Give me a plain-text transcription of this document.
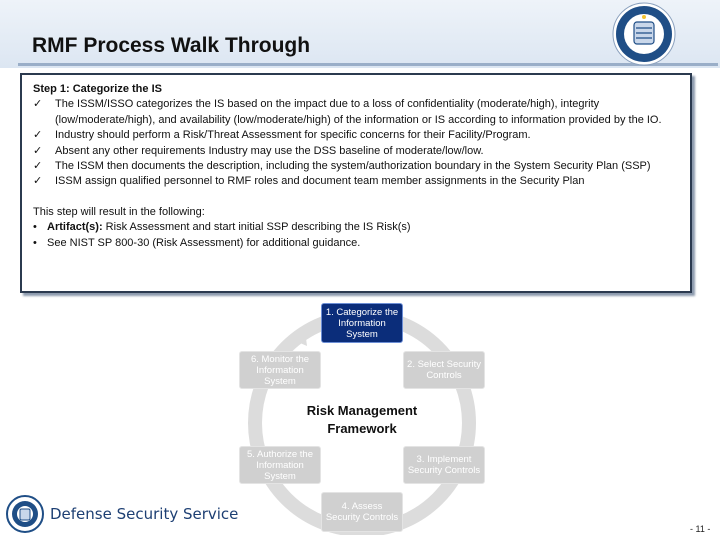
RMF Process Walk Through
Step 1: Categorize the IS
✓ The ISSM/ISSO categorizes the IS based on the impact due to a loss of confidentiality (moderate/high), integrity (low/moderate/high), and availability (low/moderate/high) of the information or IS according to information provided by the IO.
✓ Industry should perform a Risk/Threat Assessment for specific concerns for their Facility/Program.
✓ Absent any other requirements Industry may use the DSS baseline of moderate/low/low.
✓ The ISSM then documents the description, including the system/authorization boundary in the System Security Plan (SSP)
✓ ISSM assign qualified personnel to RMF roles and document team member assignments in the Security Plan
This step will result in the following:
• Artifact(s): Risk Assessment and start initial SSP describing the IS Risk(s)
• See NIST SP 800-30 (Risk Assessment) for additional guidance.
1. Categorize the Information System
2. Select Security Controls
3. Implement Security Controls
4. Assess Security Controls
5. Authorize the Information System
6. Monitor the Information System
Risk Management
Framework
Defense Security Service
- 11 -
